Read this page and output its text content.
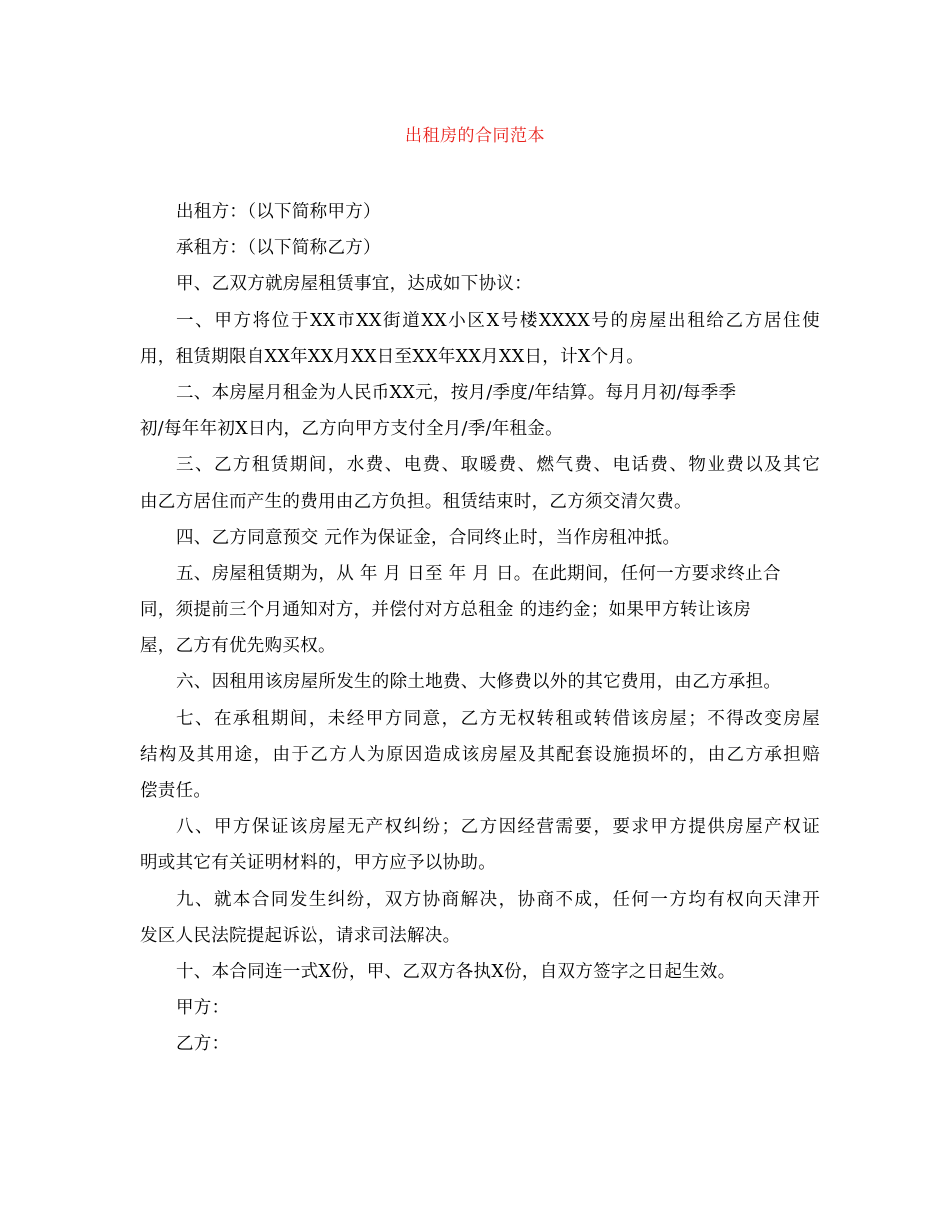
出租房的合同范本
出租方：（以下简称甲方）
承租方：（以下简称乙方）
甲、乙双方就房屋租赁事宜，达成如下协议：
一、甲方将位于XX市XX街道XX小区X号楼XXXX号的房屋出租给乙方居住使
用，租赁期限自XX年XX月XX日至XX年XX月XX日，计X个月。
二、本房屋月租金为人民币XX元，按月/季度/年结算。每月月初/每季季
初/每年年初X日内，乙方向甲方支付全月/季/年租金。
三、乙方租赁期间，水费、电费、取暖费、燃气费、电话费、物业费以及其它
由乙方居住而产生的费用由乙方负担。租赁结束时，乙方须交清欠费。
四、乙方同意预交 元作为保证金，合同终止时，当作房租冲抵。
五、房屋租赁期为，从 年 月 日至 年 月 日。在此期间，任何一方要求终止合
同，须提前三个月通知对方，并偿付对方总租金 的违约金；如果甲方转让该房
屋，乙方有优先购买权。
六、因租用该房屋所发生的除土地费、大修费以外的其它费用，由乙方承担。
七、在承租期间，未经甲方同意，乙方无权转租或转借该房屋；不得改变房屋
结构及其用途，由于乙方人为原因造成该房屋及其配套设施损坏的，由乙方承担赔
偿责任。
八、甲方保证该房屋无产权纠纷；乙方因经营需要，要求甲方提供房屋产权证
明或其它有关证明材料的，甲方应予以协助。
九、就本合同发生纠纷，双方协商解决，协商不成，任何一方均有权向天津开
发区人民法院提起诉讼，请求司法解决。
十、本合同连一式X份，甲、乙双方各执X份，自双方签字之日起生效。
甲方：
乙方：
